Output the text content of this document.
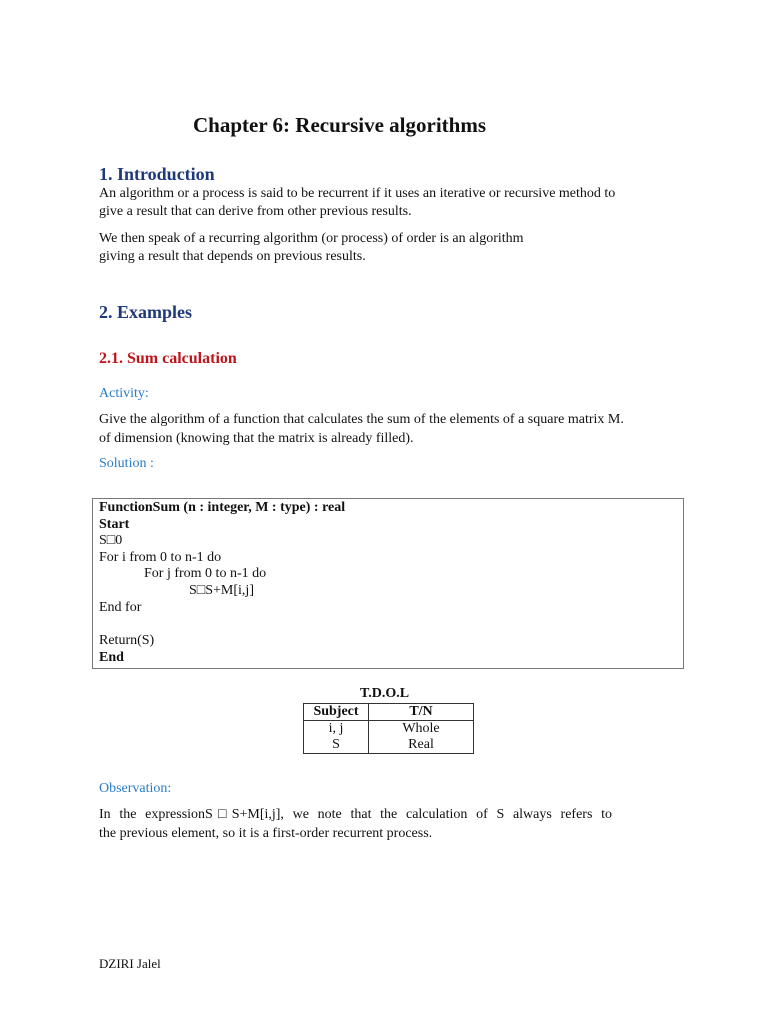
Chapter 6: Recursive algorithms
1. Introduction
An algorithm or a process is said to be recurrent if it uses an iterative or recursive method to
give a result that can derive from other previous results.
We then speak of a recurring algorithm (or process) of order is an algorithm
giving a result that depends on previous results.
2. Examples
2.1. Sum calculation
Activity:
Give the algorithm of a function that calculates the sum of the elements of a square matrix M.
of dimension (knowing that the matrix is already filled).
Solution :
FunctionSum (n : integer, M : type) : real
Start
S□0
For i from 0 to n-1 do
For j from 0 to n-1 do
S□S+M[i,j]
End for
Return(S)
End
T.D.O.L
Subject	T/N
i, j	Whole
S	Real
Observation:
In the expressionS□S+M[i,j], we note that the calculation of S always refers to
the previous element, so it is a first-order recurrent process.
DZIRI Jalel
